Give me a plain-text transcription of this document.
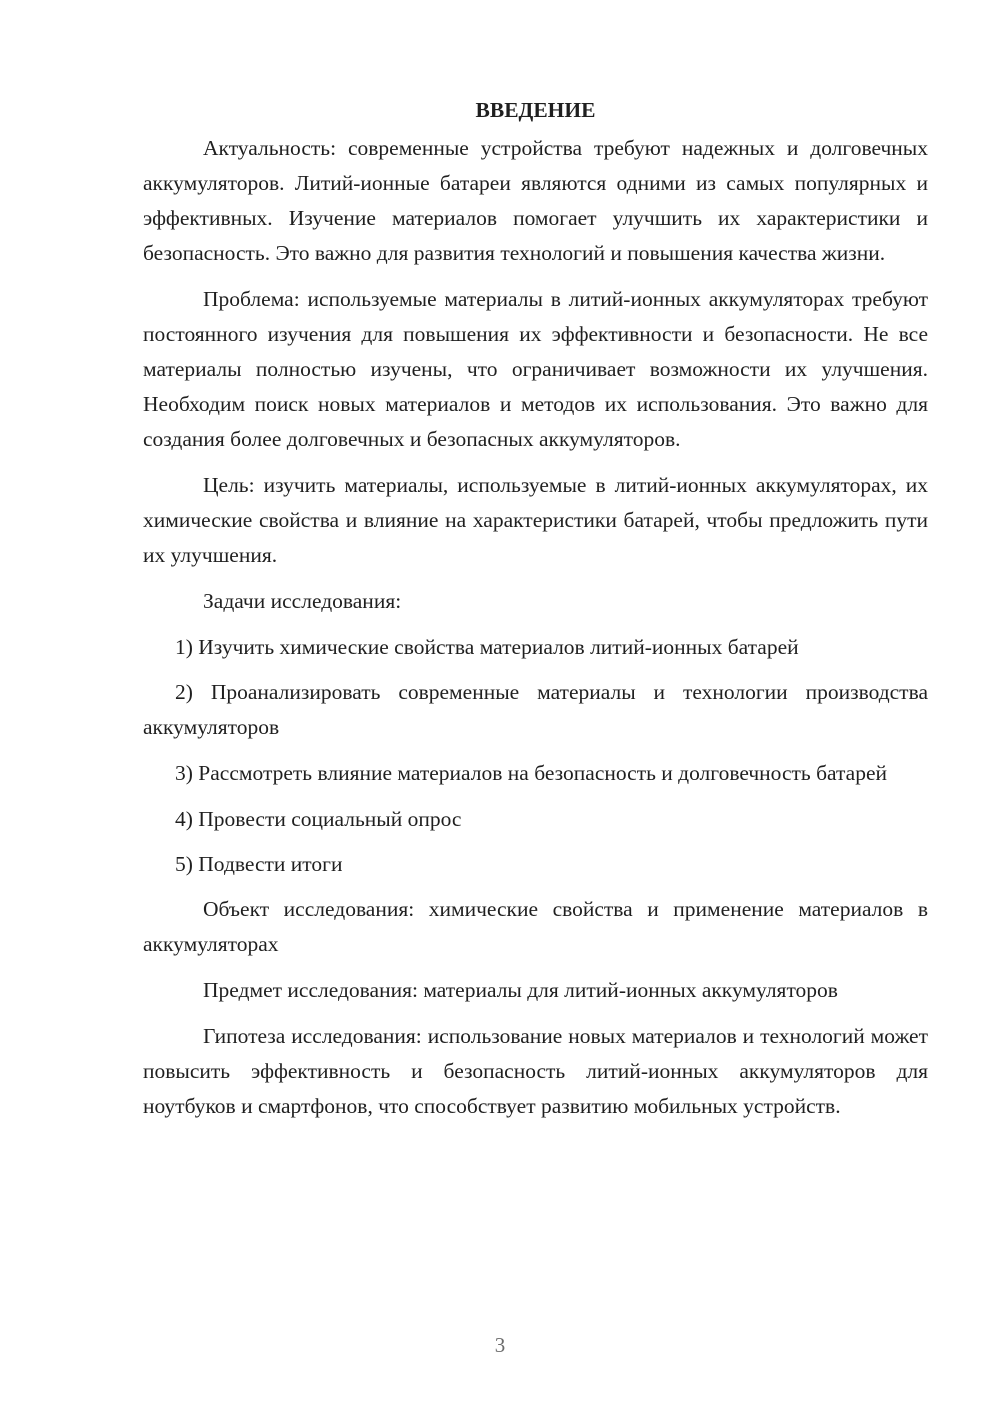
ВВЕДЕНИЕ

Актуальность: современные устройства требуют надежных и долговечных аккумуляторов. Литий-ионные батареи являются одними из самых популярных и эффективных. Изучение материалов помогает улучшить их характеристики и безопасность. Это важно для развития технологий и повышения качества жизни.

Проблема: используемые материалы в литий-ионных аккумуляторах требуют постоянного изучения для повышения их эффективности и безопасности. Не все материалы полностью изучены, что ограничивает возможности их улучшения. Необходим поиск новых материалов и методов их использования. Это важно для создания более долговечных и безопасных аккумуляторов.

Цель: изучить материалы, используемые в литий-ионных аккумуляторах, их химические свойства и влияние на характеристики батарей, чтобы предложить пути их улучшения.

Задачи исследования:

1) Изучить химические свойства материалов литий-ионных батарей

2) Проанализировать современные материалы и технологии производства аккумуляторов

3) Рассмотреть влияние материалов на безопасность и долговечность батарей

4) Провести социальный опрос

5) Подвести итоги

Объект исследования: химические свойства и применение материалов в аккумуляторах

Предмет исследования: материалы для литий-ионных аккумуляторов

Гипотеза исследования: использование новых материалов и технологий может повысить эффективность и безопасность литий-ионных аккумуляторов для ноутбуков и смартфонов, что способствует развитию мобильных устройств.

3
